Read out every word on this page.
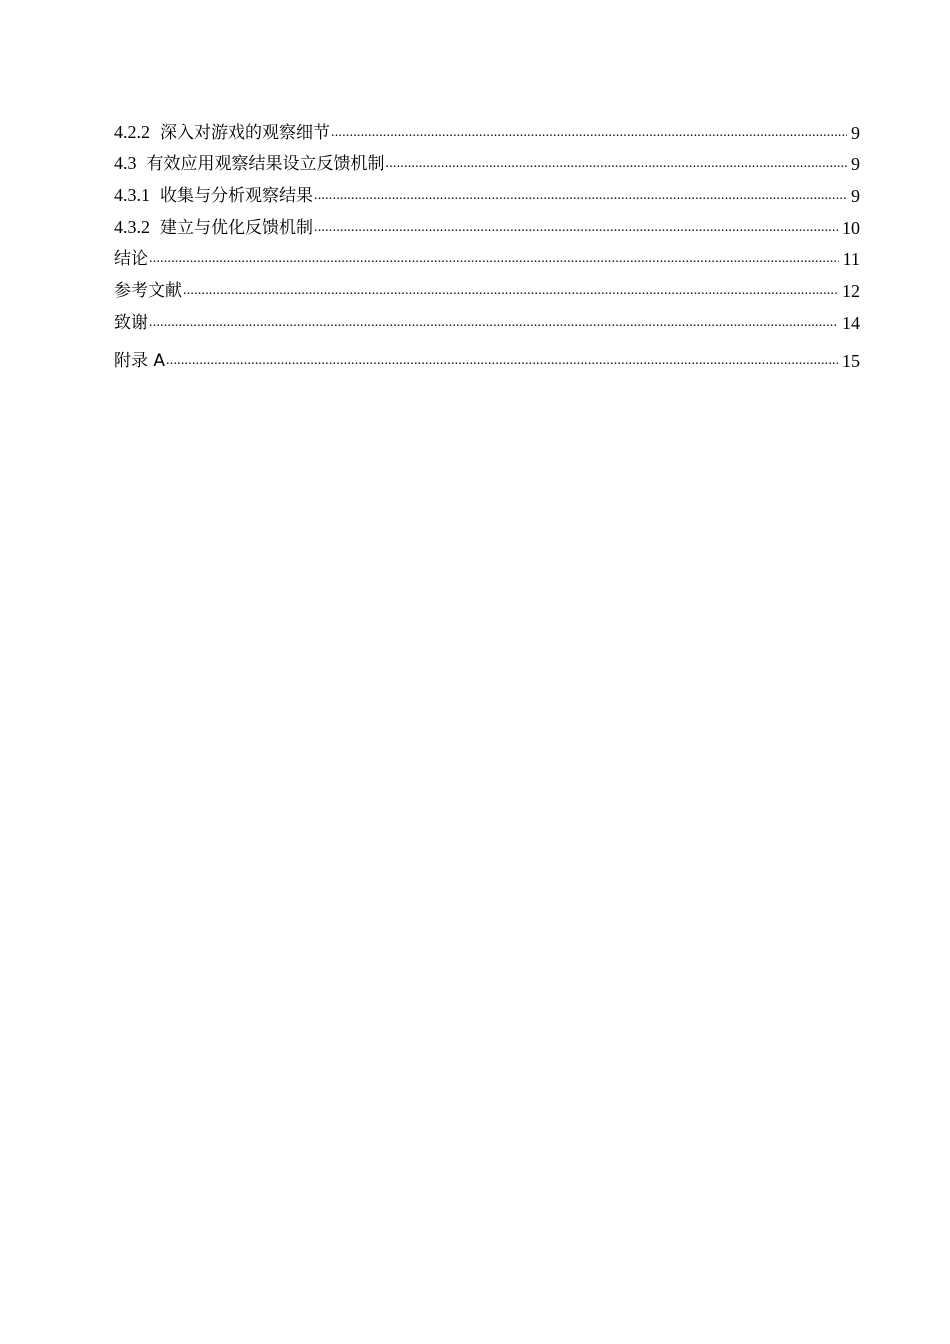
4.2.2 深入对游戏的观察细节 .....	9
4.3 有效应用观察结果设立反馈机制 .....	9
4.3.1 收集与分析观察结果 .....	9
4.3.2 建立与优化反馈机制 .....	10
结论 .....	11
参考文献 .....	12
致谢 .....	14
附录 A .....	15
